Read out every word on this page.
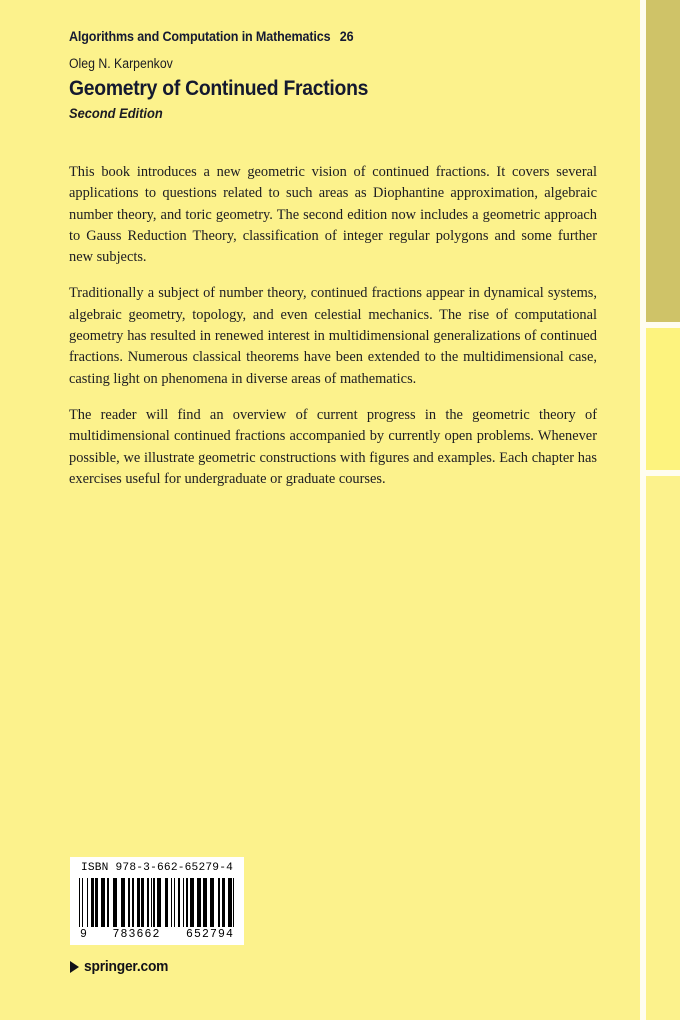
Algorithms and Computation in Mathematics 26
Oleg N. Karpenkov
Geometry of Continued Fractions
Second Edition

This book introduces a new geometric vision of continued fractions. It covers several applications to questions related to such areas as Diophantine approximation, algebraic number theory, and toric geometry. The second edition now includes a geometric approach to Gauss Reduction Theory, classification of integer regular polygons and some further new subjects.

Traditionally a subject of number theory, continued fractions appear in dynamical systems, algebraic geometry, topology, and even celestial mechanics. The rise of computational geometry has resulted in renewed interest in multidimensional generalizations of continued fractions. Numerous classical theorems have been extended to the multidimensional case, casting light on phenomena in diverse areas of mathematics.

The reader will find an overview of current progress in the geometric theory of multidimensional continued fractions accompanied by currently open problems. Whenever possible, we illustrate geometric constructions with figures and examples. Each chapter has exercises useful for undergraduate or graduate courses.

ISBN 978-3-662-65279-4
9 783662 652794
springer.com
